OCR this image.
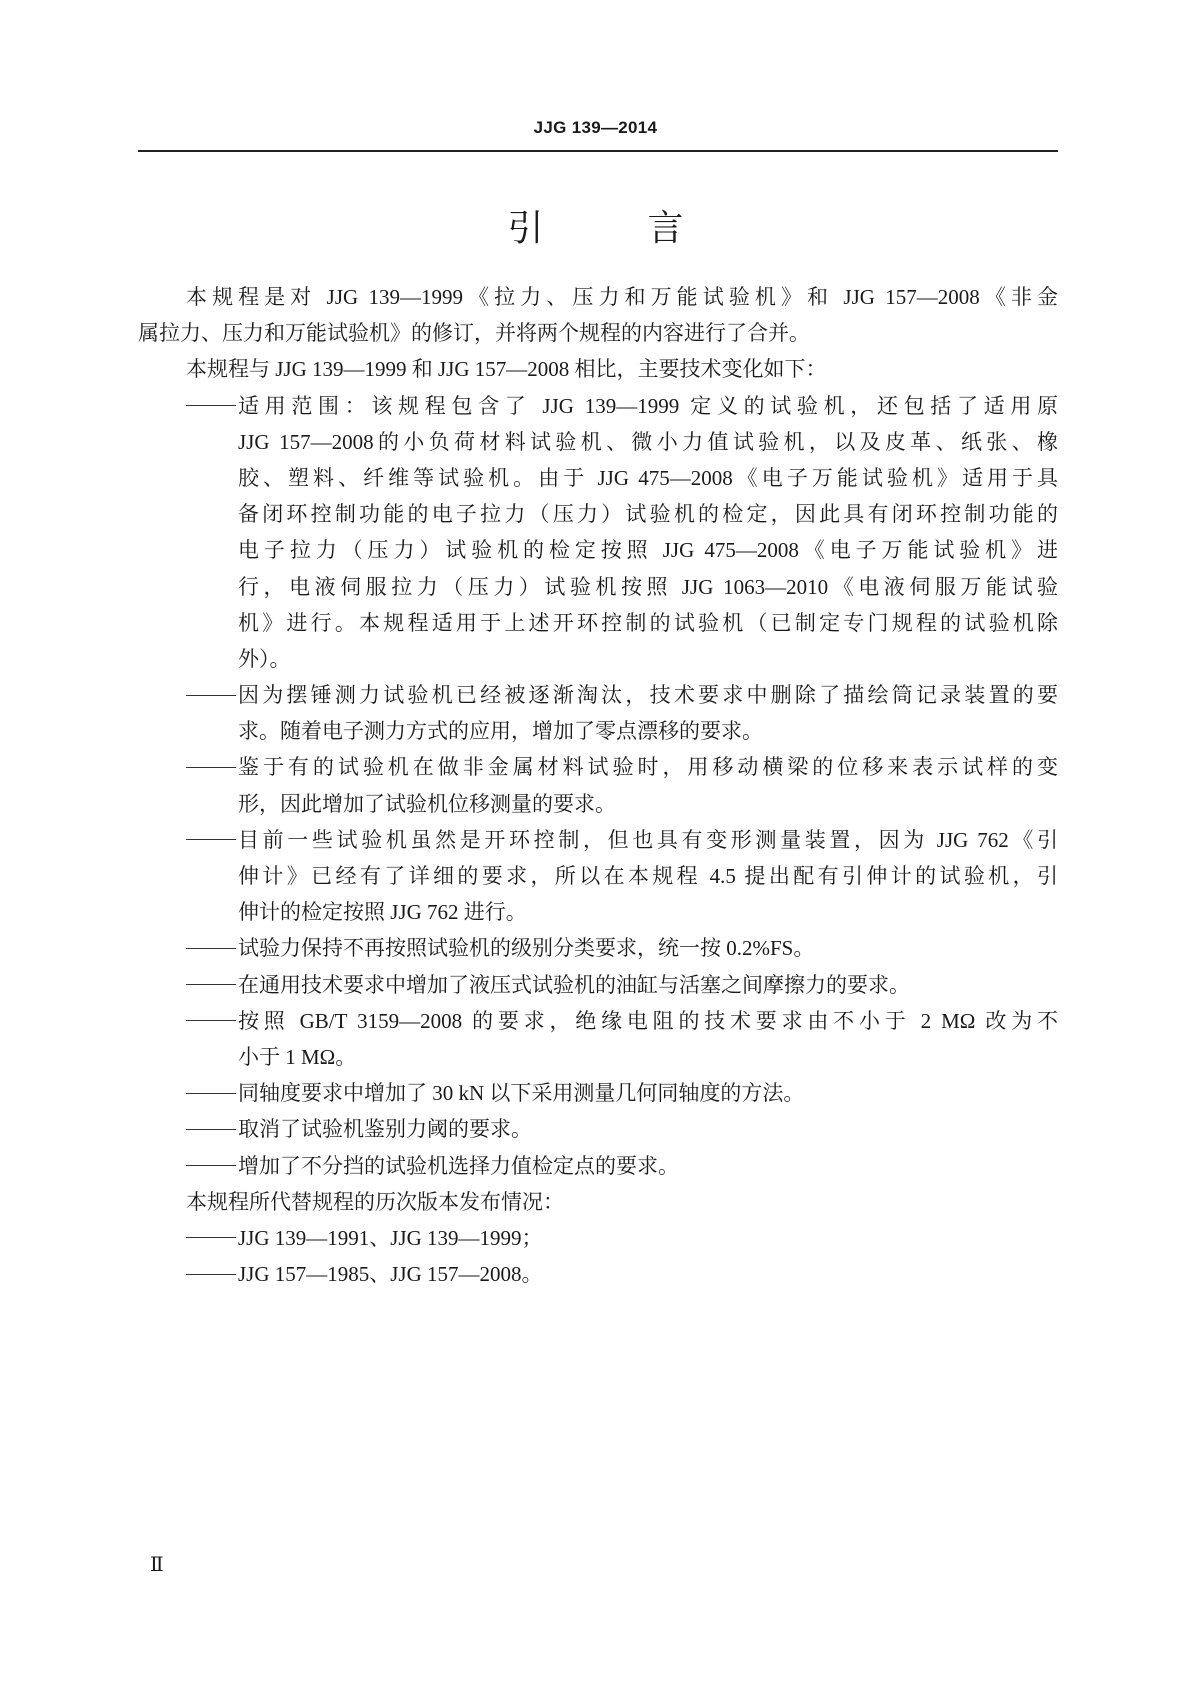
JJG 139—2014
引	言
本规程是对 JJG 139—1999《拉力、压力和万能试验机》和 JJG 157—2008《非金
属拉力、压力和万能试验机》的修订，并将两个规程的内容进行了合并。
本规程与 JJG 139—1999 和 JJG 157—2008 相比，主要技术变化如下：
适用范围：该规程包含了 JJG 139—1999 定义的试验机，还包括了适用原
JJG 157—2008的小负荷材料试验机、微小力值试验机，以及皮革、纸张、橡
胶、塑料、纤维等试验机。由于 JJG 475—2008《电子万能试验机》适用于具
备闭环控制功能的电子拉力（压力）试验机的检定，因此具有闭环控制功能的
电子拉力（压力）试验机的检定按照 JJG 475—2008《电子万能试验机》进
行，电液伺服拉力（压力）试验机按照 JJG 1063—2010《电液伺服万能试验
机》进行。本规程适用于上述开环控制的试验机（已制定专门规程的试验机除
外）。
因为摆锤测力试验机已经被逐渐淘汰，技术要求中删除了描绘筒记录装置的要
求。随着电子测力方式的应用，增加了零点漂移的要求。
鉴于有的试验机在做非金属材料试验时，用移动横梁的位移来表示试样的变
形，因此增加了试验机位移测量的要求。
目前一些试验机虽然是开环控制，但也具有变形测量装置，因为 JJG 762《引
伸计》已经有了详细的要求，所以在本规程 4.5 提出配有引伸计的试验机，引
伸计的检定按照 JJG 762 进行。
试验力保持不再按照试验机的级别分类要求，统一按 0.2%FS。
在通用技术要求中增加了液压式试验机的油缸与活塞之间摩擦力的要求。
按照 GB/T 3159—2008 的要求，绝缘电阻的技术要求由不小于 2 MΩ 改为不
小于 1 MΩ。
同轴度要求中增加了 30 kN 以下采用测量几何同轴度的方法。
取消了试验机鉴别力阈的要求。
增加了不分挡的试验机选择力值检定点的要求。
本规程所代替规程的历次版本发布情况：
JJG 139—1991、JJG 139—1999；
JJG 157—1985、JJG 157—2008。
Ⅱ
